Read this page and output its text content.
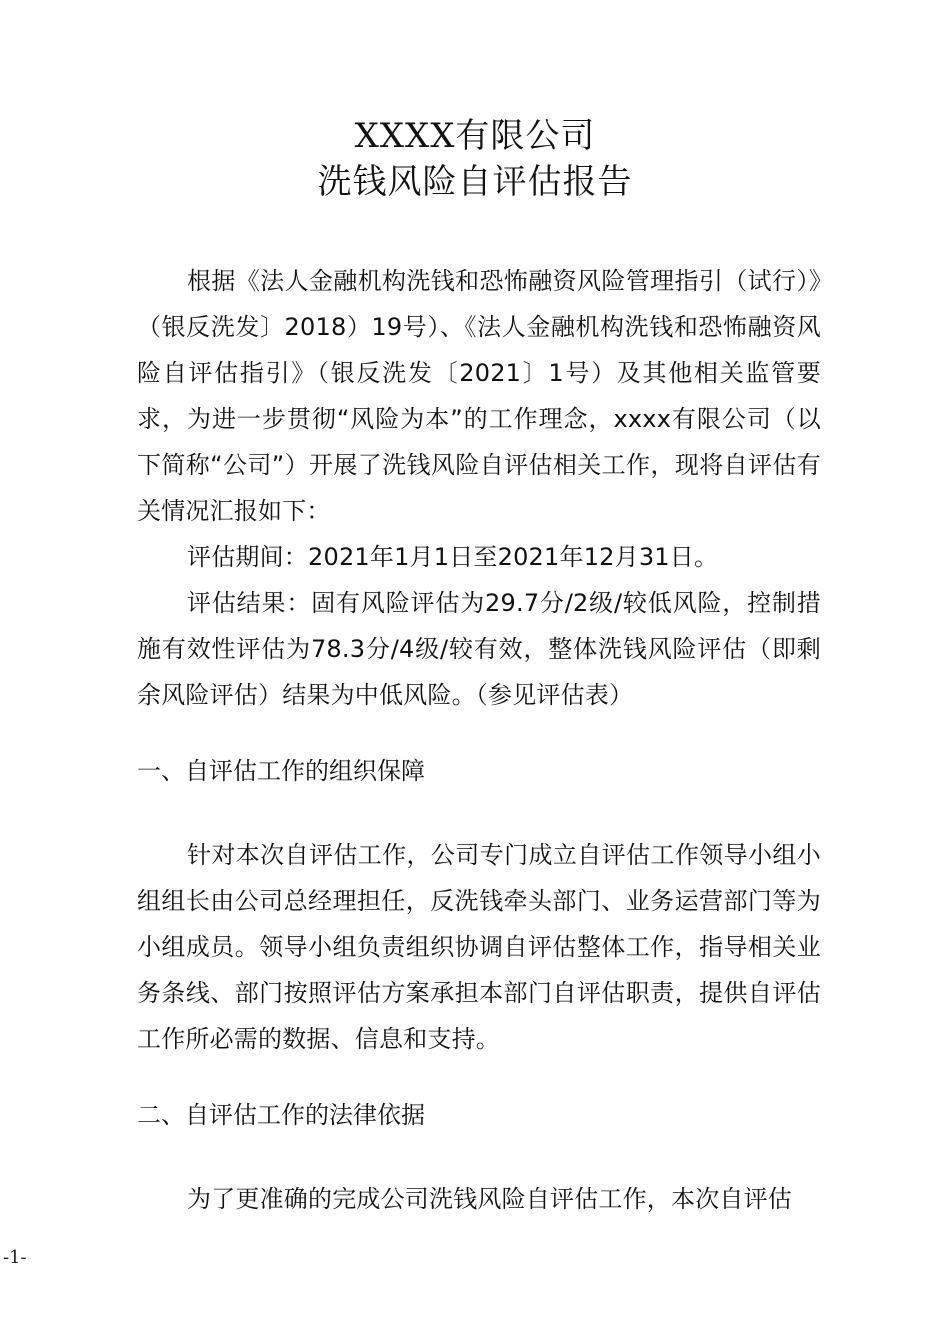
XXXX有限公司
洗钱风险自评估报告
根据《法人金融机构洗钱和恐怖融资风险管理指引（试行）》（银反洗发〕2018）19号）、《法人金融机构洗钱和恐怖融资风险自评估指引》（银反洗发〔2021〕1号）及其他相关监管要求，为进一步贯彻“风险为本”的工作理念，xxxx有限公司（以下简称“公司”）开展了洗钱风险自评估相关工作，现将自评估有关情况汇报如下：
评估期间：2021年1月1日至2021年12月31日。
评估结果：固有风险评估为29.7分/2级/较低风险，控制措施有效性评估为78.3分/4级/较有效，整体洗钱风险评估（即剩余风险评估）结果为中低风险。（参见评估表）
一、自评估工作的组织保障
针对本次自评估工作，公司专门成立自评估工作领导小组小组组长由公司总经理担任，反洗钱牵头部门、业务运营部门等为小组成员。领导小组负责组织协调自评估整体工作，指导相关业务条线、部门按照评估方案承担本部门自评估职责，提供自评估工作所必需的数据、信息和支持。
二、自评估工作的法律依据
为了更准确的完成公司洗钱风险自评估工作，本次自评估
-1-
